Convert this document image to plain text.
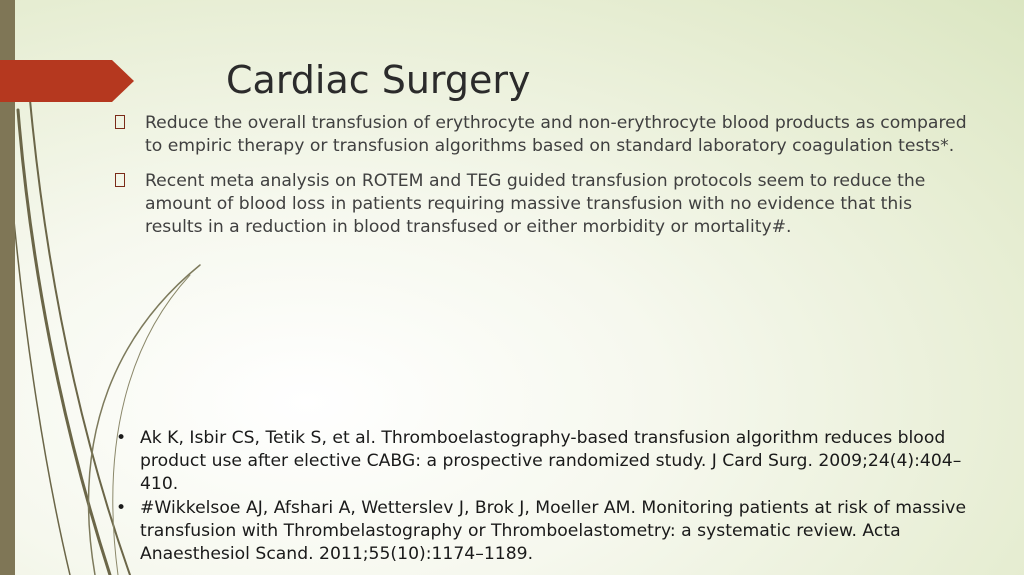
Cardiac Surgery
Reduce the overall transfusion of erythrocyte and non-erythrocyte blood products as compared to empiric therapy or transfusion algorithms based on standard laboratory coagulation tests*.
Recent meta analysis on ROTEM and TEG guided transfusion protocols seem to reduce the amount of blood loss in patients requiring massive transfusion with no evidence that this results in a reduction in blood transfused or either morbidity or mortality#.
• Ak K, Isbir CS, Tetik S, et al. Thromboelastography-based transfusion algorithm reduces blood product use after elective CABG: a prospective randomized study. J Card Surg. 2009;24(4):404–410.
• #Wikkelsoe AJ, Afshari A, Wetterslev J, Brok J, Moeller AM. Monitoring patients at risk of massive transfusion with Thrombelastography or Thromboelastometry: a systematic review. Acta Anaesthesiol Scand. 2011;55(10):1174–1189.
